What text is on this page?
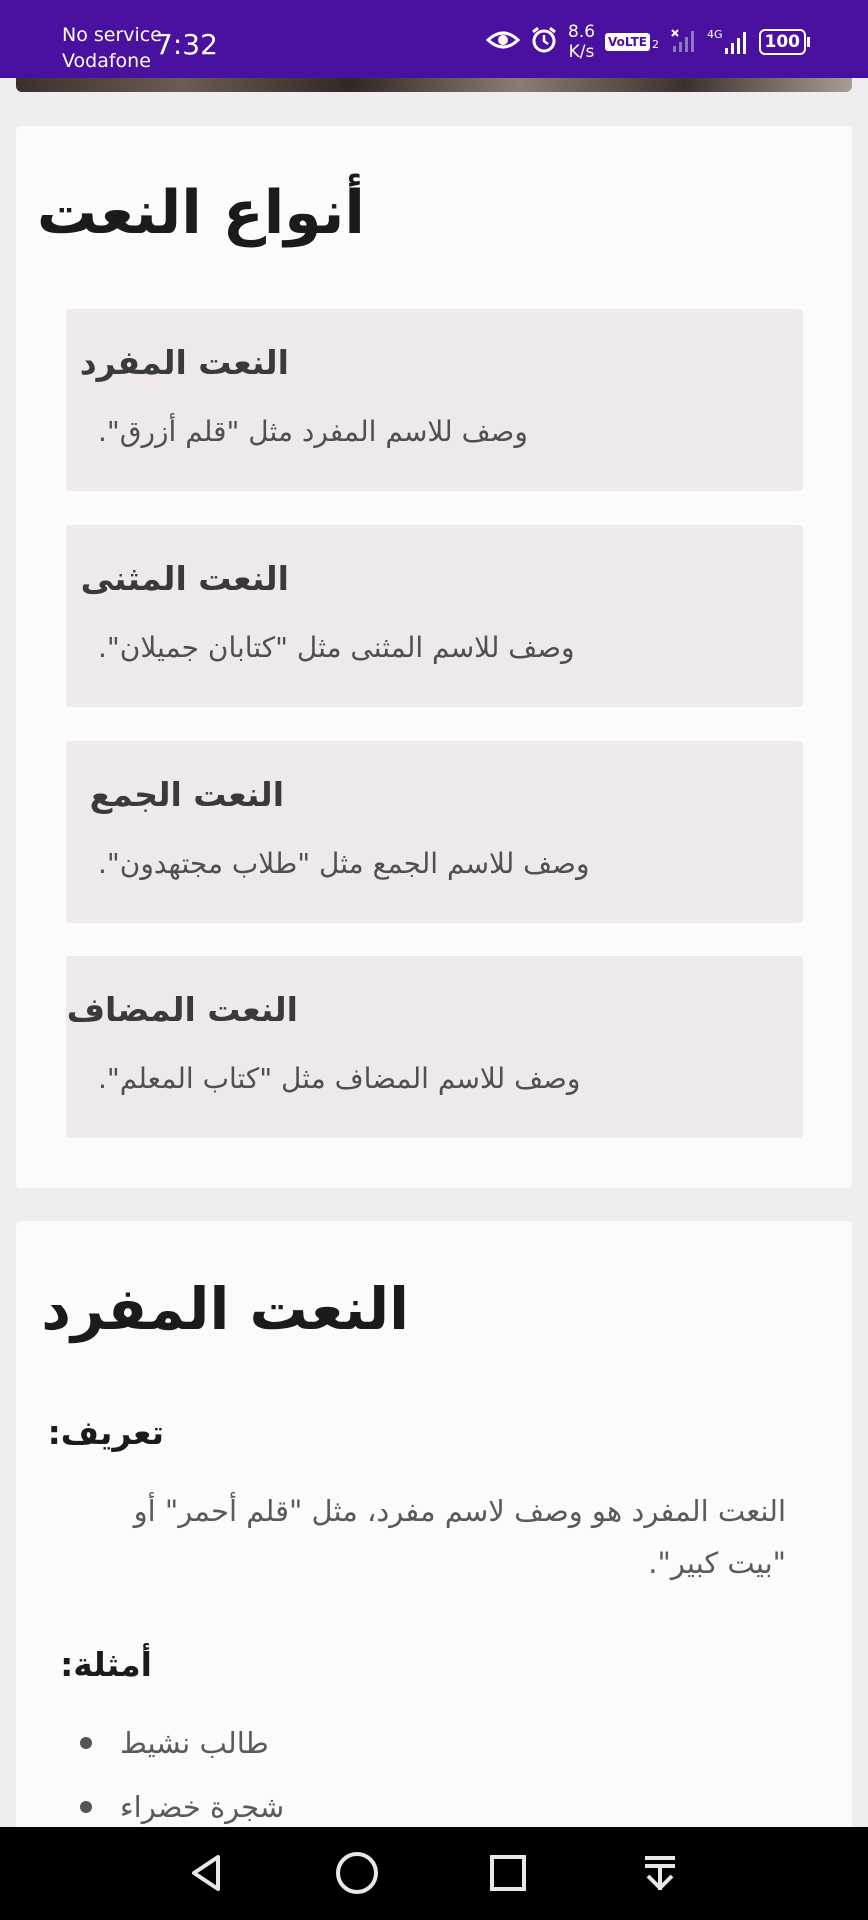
No service
Vodafone 7:32	8.6
K/s VoLTE 2
4G	100
أنواع النعت
النعت المفرد
وصف للاسم المفرد مثل "قلم أزرق".
النعت المثنى
وصف للاسم المثنى مثل "كتابان جميلان".
النعت الجمع
وصف للاسم الجمع مثل "طلاب مجتهدون".
النعت المضاف
وصف للاسم المضاف مثل "كتاب المعلم".
النعت المفرد
تعريف:
النعت المفرد هو وصف لاسم مفرد، مثل "قلم أحمر" أو "بيت كبير".
أمثلة:
طالب نشيط
شجرة خضراء
